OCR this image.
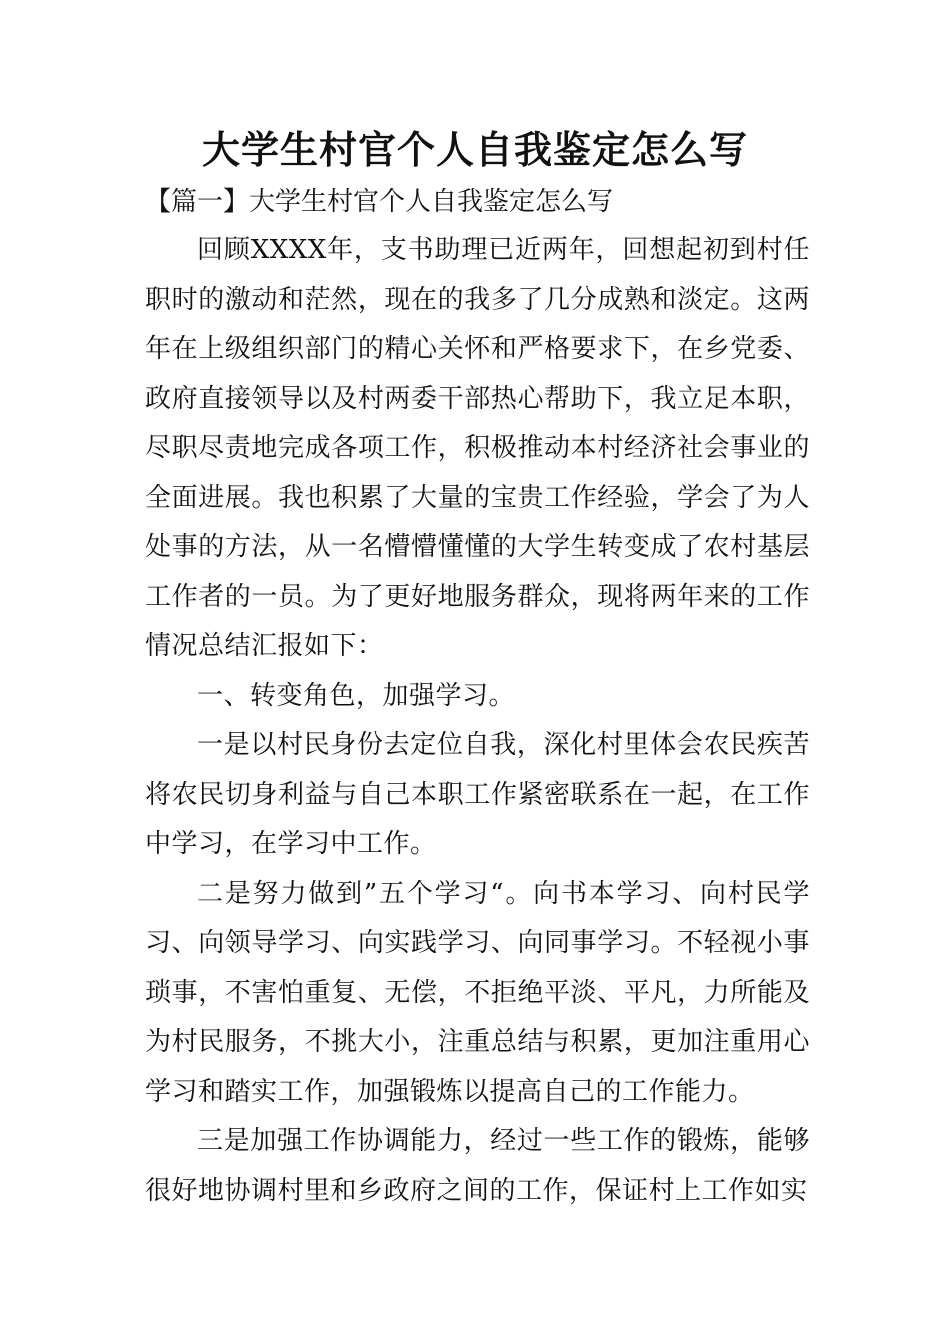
大学生村官个人自我鉴定怎么写
【篇一】大学生村官个人自我鉴定怎么写

回顾XXXX年，支书助理已近两年，回想起初到村任职时的激动和茫然，现在的我多了几分成熟和淡定。这两年在上级组织部门的精心关怀和严格要求下，在乡党委、政府直接领导以及村两委干部热心帮助下，我立足本职，尽职尽责地完成各项工作，积极推动本村经济社会事业的全面进展。我也积累了大量的宝贵工作经验，学会了为人处事的方法，从一名懵懵懂懂的大学生转变成了农村基层工作者的一员。为了更好地服务群众，现将两年来的工作情况总结汇报如下：

一、转变角色，加强学习。

一是以村民身份去定位自我，深化村里体会农民疾苦将农民切身利益与自己本职工作紧密联系在一起，在工作中学习，在学习中工作。

二是努力做到”五个学习“。向书本学习、向村民学习、向领导学习、向实践学习、向同事学习。不轻视小事琐事，不害怕重复、无偿，不拒绝平淡、平凡，力所能及为村民服务，不挑大小，注重总结与积累，更加注重用心学习和踏实工作，加强锻炼以提高自己的工作能力。

三是加强工作协调能力，经过一些工作的锻炼，能够很好地协调村里和乡政府之间的工作，保证村上工作如实
